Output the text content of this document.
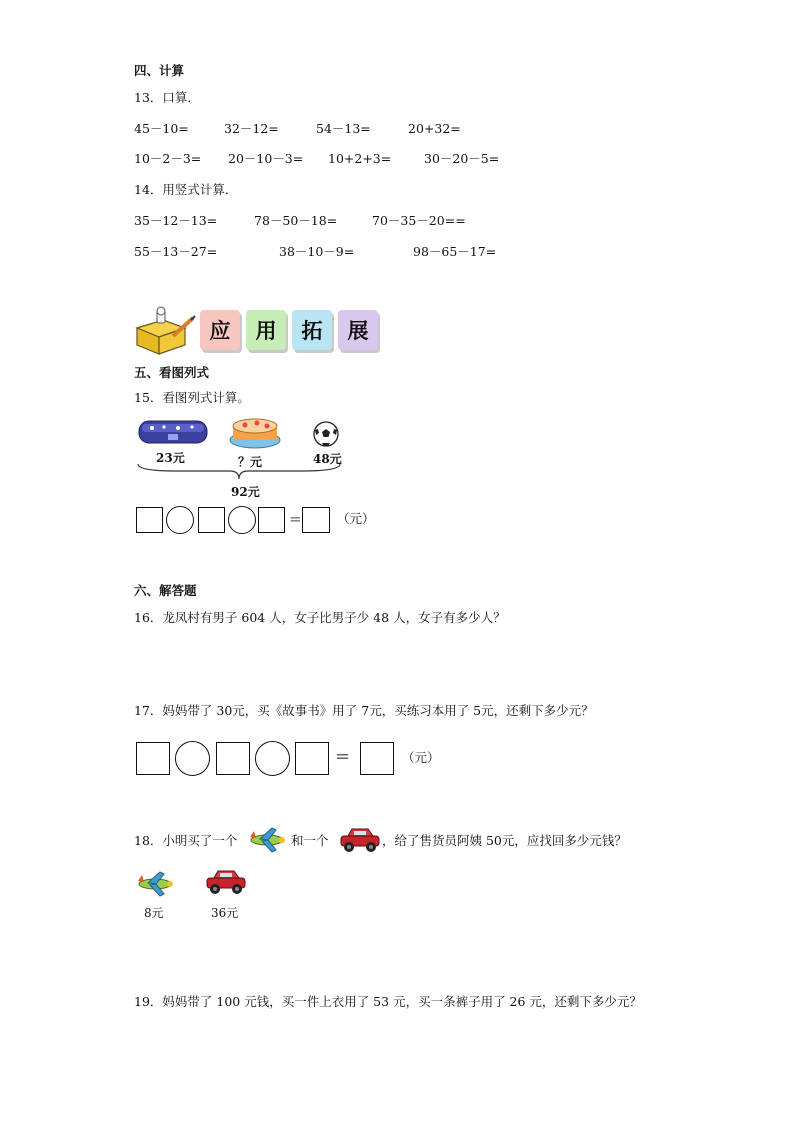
四、计算
13．口算．
45－10=	32－12=	54－13=	20+32=
10－2－3= 20－10－3= 10+2+3=	30－20－5=
14．用竖式计算．
35－12－13=	78－50－18=	70－35－20==
55－13－27=	38－10－9=	98－65－17=
应	用	拓	展
五、看图列式
15．看图列式计算。
23元	？元	48元
92元
=	（元）
六、解答题
16．龙凤村有男子 604 人，女子比男子少 48 人，女子有多少人？
17．妈妈带了 30元，买《故事书》用了 7元，买练习本用了 5元，还剩下多少元？
=	（元）
18．小明买了一个	和一个	，给了售货员阿姨 50元，应找回多少元钱？
8元	36元
19．妈妈带了 100 元钱，买一件上衣用了 53 元，买一条裤子用了 26 元，还剩下多少元？
